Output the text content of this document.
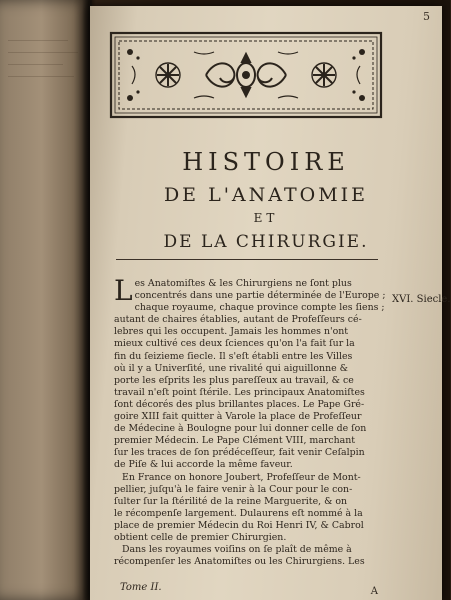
5
HISTOIRE
DE L'ANATOMIE
ET
DE LA CHIRURGIE.
XVI. Siecle.
L es Anatomiſtes & les Chirurgiens ne ſont plus
concentrés dans une partie déterminée de l'Europe ;
chaque royaume, chaque province compte les ſiens ;
autant de chaires établies, autant de Profeſſeurs cé-
lebres qui les occupent. Jamais les hommes n'ont
mieux cultivé ces deux ſciences qu'on l'a fait ſur la
fin du ſeizieme ſiecle. Il s'eſt établi entre les Villes
où il y a Univerſité, une rivalité qui aiguillonne &
porte les eſprits les plus pareſſeux au travail, & ce
travail n'eſt point ſtérile. Les principaux Anatomiſtes
ſont décorés des plus brillantes places. Le Pape Gré-
goire XIII fait quitter à Varole la place de Profeſſeur
de Médecine à Boulogne pour lui donner celle de ſon
premier Médecin. Le Pape Clément VIII, marchant
ſur les traces de ſon prédéceſſeur, fait venir Ceſalpin
de Piſe & lui accorde la même faveur.
En France on honore Joubert, Profeſſeur de Mont-
pellier, juſqu'à le faire venir à la Cour pour le con-
ſulter ſur la ſtérilité de la reine Marguerite, & on
le récompenſe largement. Dulaurens eſt nommé à la
place de premier Médecin du Roi Henri IV, & Cabrol
obtient celle de premier Chirurgien.
Dans les royaumes voiſins on ſe plaît de même à
récompenſer les Anatomiſtes ou les Chirurgiens. Les
Tome II.	A
